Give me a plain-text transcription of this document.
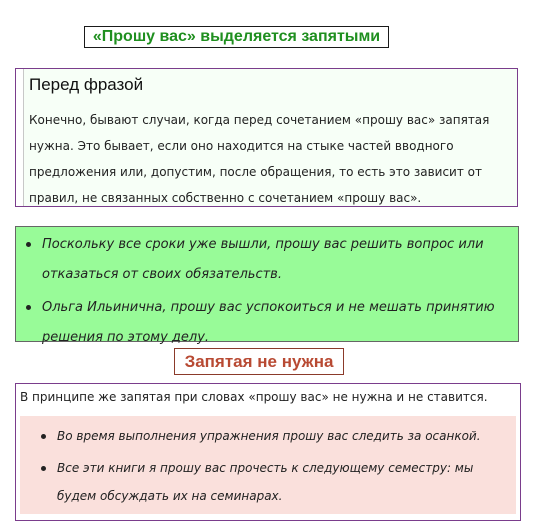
«Прошу вас» выделяется запятыми
Перед фразой
Конечно, бывают случаи, когда перед сочетанием «прошу вас» запятая нужна. Это бывает, если оно находится на стыке частей вводного предложения или, допустим, после обращения, то есть это зависит от правил, не связанных собственно с сочетанием «прошу вас».
Поскольку все сроки уже вышли, прошу вас решить вопрос или отказаться от своих обязательств.
Ольга Ильинична, прошу вас успокоиться и не мешать принятию решения по этому делу.
Запятая не нужна
В принципе же запятая при словах «прошу вас» не нужна и не ставится.
Во время выполнения упражнения прошу вас следить за осанкой.
Все эти книги я прошу вас прочесть к следующему семестру: мы будем обсуждать их на семинарах.
